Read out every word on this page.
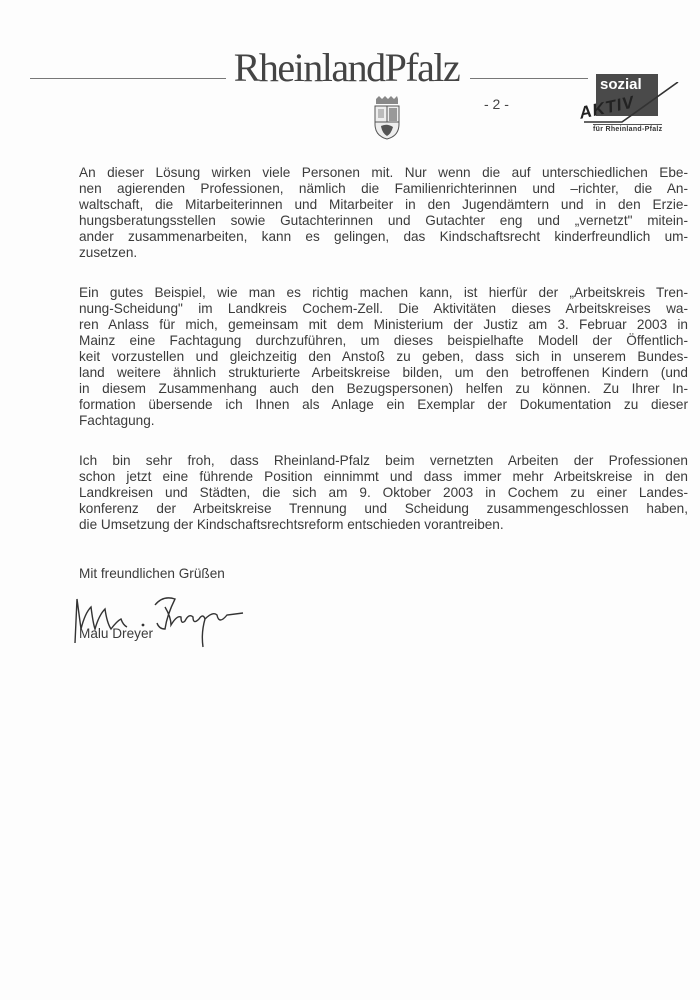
RheinlandPfalz
- 2 -
sozial
AKTIV
für Rheinland-Pfalz
An dieser Lösung wirken viele Personen mit. Nur wenn die auf unterschiedlichen Ebe-
nen agierenden Professionen, nämlich die Familienrichterinnen und –richter, die An-
waltschaft, die Mitarbeiterinnen und Mitarbeiter in den Jugendämtern und in den Erzie-
hungsberatungsstellen sowie Gutachterinnen und Gutachter eng und „vernetzt" mitein-
ander zusammenarbeiten, kann es gelingen, das Kindschaftsrecht kinderfreundlich um-
zusetzen.
Ein gutes Beispiel, wie man es richtig machen kann, ist hierfür der „Arbeitskreis Tren-
nung-Scheidung" im Landkreis Cochem-Zell. Die Aktivitäten dieses Arbeitskreises wa-
ren Anlass für mich, gemeinsam mit dem Ministerium der Justiz am 3. Februar 2003 in
Mainz eine Fachtagung durchzuführen, um dieses beispielhafte Modell der Öffentlich-
keit vorzustellen und gleichzeitig den Anstoß zu geben, dass sich in unserem Bundes-
land weitere ähnlich strukturierte Arbeitskreise bilden, um den betroffenen Kindern (und
in diesem Zusammenhang auch den Bezugspersonen) helfen zu können. Zu Ihrer In-
formation übersende ich Ihnen als Anlage ein Exemplar der Dokumentation zu dieser
Fachtagung.
Ich bin sehr froh, dass Rheinland-Pfalz beim vernetzten Arbeiten der Professionen
schon jetzt eine führende Position einnimmt und dass immer mehr Arbeitskreise in den
Landkreisen und Städten, die sich am 9. Oktober 2003 in Cochem zu einer Landes-
konferenz der Arbeitskreise Trennung und Scheidung zusammengeschlossen haben,
die Umsetzung der Kindschaftsrechtsreform entschieden vorantreiben.
Mit freundlichen Grüßen
Malu Dreyer
